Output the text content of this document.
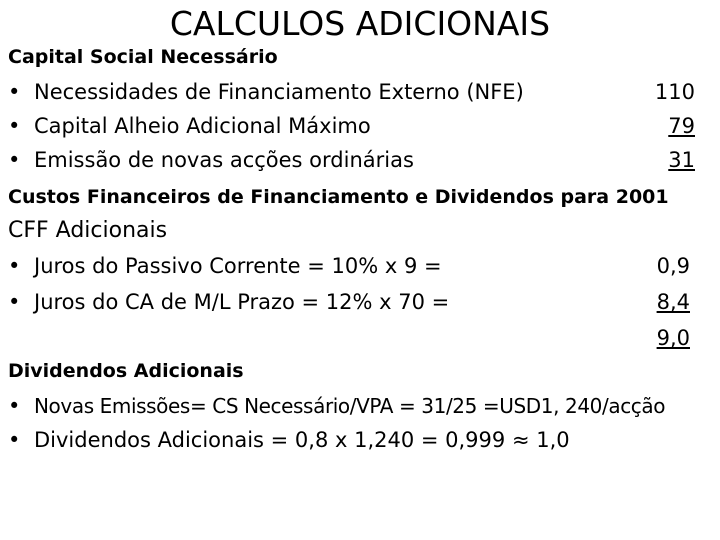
CALCULOS ADICIONAIS
Capital Social Necessário
• Necessidades de Financiamento Externo (NFE)	110
• Capital Alheio Adicional Máximo	79
• Emissão de novas acções ordinárias	31
Custos Financeiros de Financiamento e Dividendos para 2001
CFF Adicionais
• Juros do Passivo Corrente = 10% x 9 =	0,9
• Juros do CA de M/L Prazo = 12% x 70 =	8,4
9,0
Dividendos Adicionais
• Novas Emissões= CS Necessário/VPA = 31/25 =USD1, 240/acção
• Dividendos Adicionais = 0,8 x 1,240 = 0,999 ≈ 1,0
